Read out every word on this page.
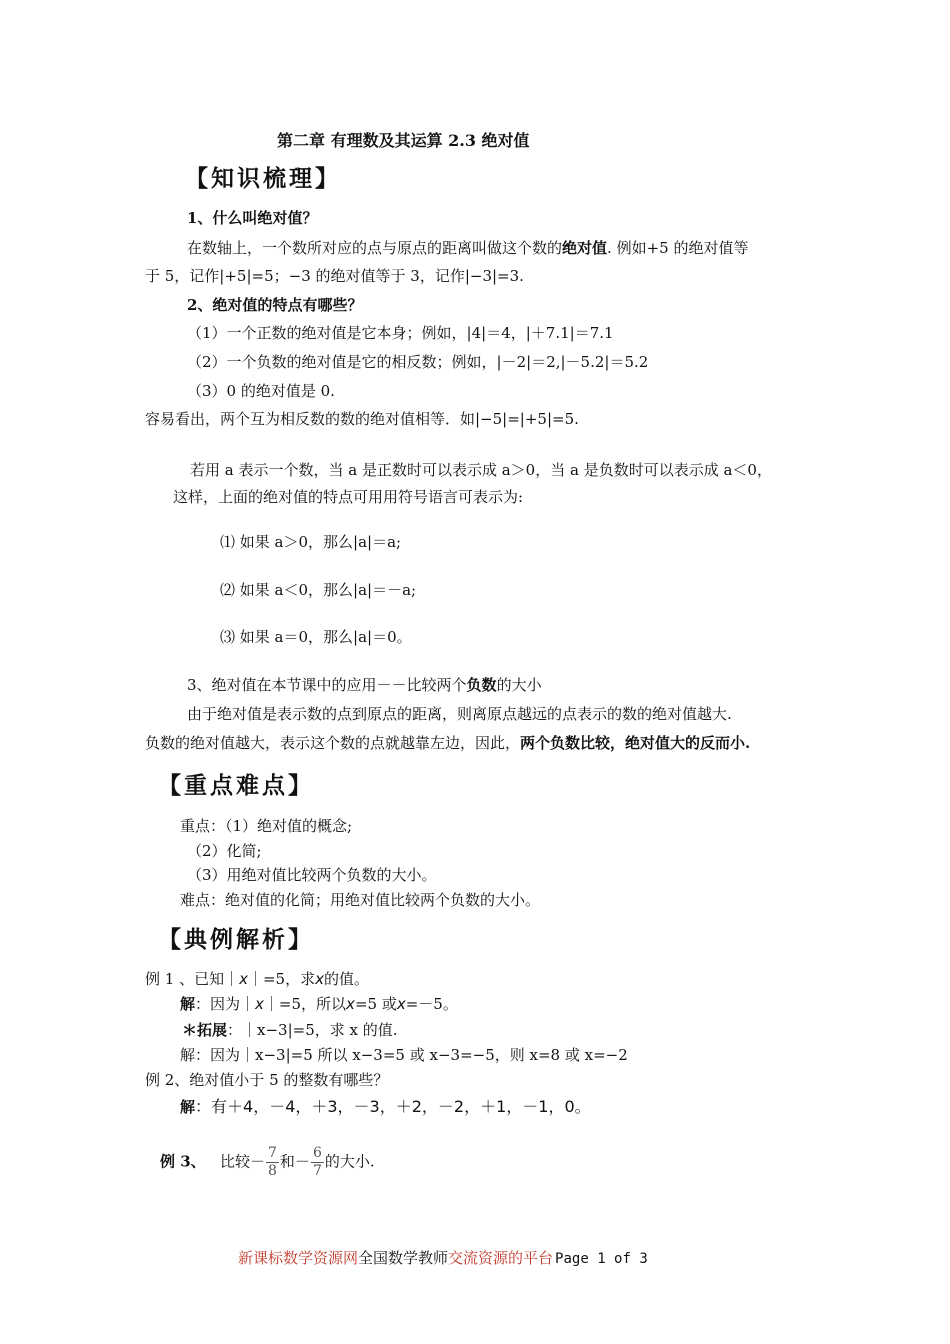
第二章 有理数及其运算 2.3 绝对值
【知识梳理】
1、什么叫绝对值？
在数轴上，一个数所对应的点与原点的距离叫做这个数的绝对值. 例如+5 的绝对值等
于 5，记作|+5|=5；−3 的绝对值等于 3，记作|−3|=3.
2、绝对值的特点有哪些？
（1）一个正数的绝对值是它本身；例如，|4|＝4，|＋7.1|＝7.1
（2）一个负数的绝对值是它的相反数；例如，|－2|＝2,|－5.2|＝5.2
（3）0 的绝对值是 0.
容易看出，两个互为相反数的数的绝对值相等．如|−5|=|+5|=5.
若用 a 表示一个数，当 a 是正数时可以表示成 a＞0，当 a 是负数时可以表示成 a＜0，
这样，上面的绝对值的特点可用用符号语言可表示为:
⑴ 如果 a＞0，那么|a|＝a;
⑵ 如果 a＜0，那么|a|＝－a;
⑶ 如果 a＝0，那么|a|＝0。
3、绝对值在本节课中的应用－－比较两个负数的大小
由于绝对值是表示数的点到原点的距离，则离原点越远的点表示的数的绝对值越大.
负数的绝对值越大，表示这个数的点就越靠左边，因此，两个负数比较，绝对值大的反而小.
【重点难点】
重点：（1）绝对值的概念;
（2）化简;
（3）用绝对值比较两个负数的大小。
难点：绝对值的化简；用绝对值比较两个负数的大小。
【典例解析】
例 1 、已知｜x｜=5，求x的值。
解：因为｜x｜=5，所以x=5 或x=－5。
＊拓展：｜x−3|=5，求 x 的值.
解：因为｜x−3|=5 所以 x−3=5 或 x−3=−5，则 x=8 或 x=−2
例 2、绝对值小于 5 的整数有哪些？
解：有＋4，－4，＋3，－3，＋2，－2，＋1，－1，0。
例 3、 比较－ $\frac{7}{8}$ 和－ $\frac{6}{7}$ 的大小.
新课标数学资源网全国数学教师交流资源的平台 Page 1 of 3
